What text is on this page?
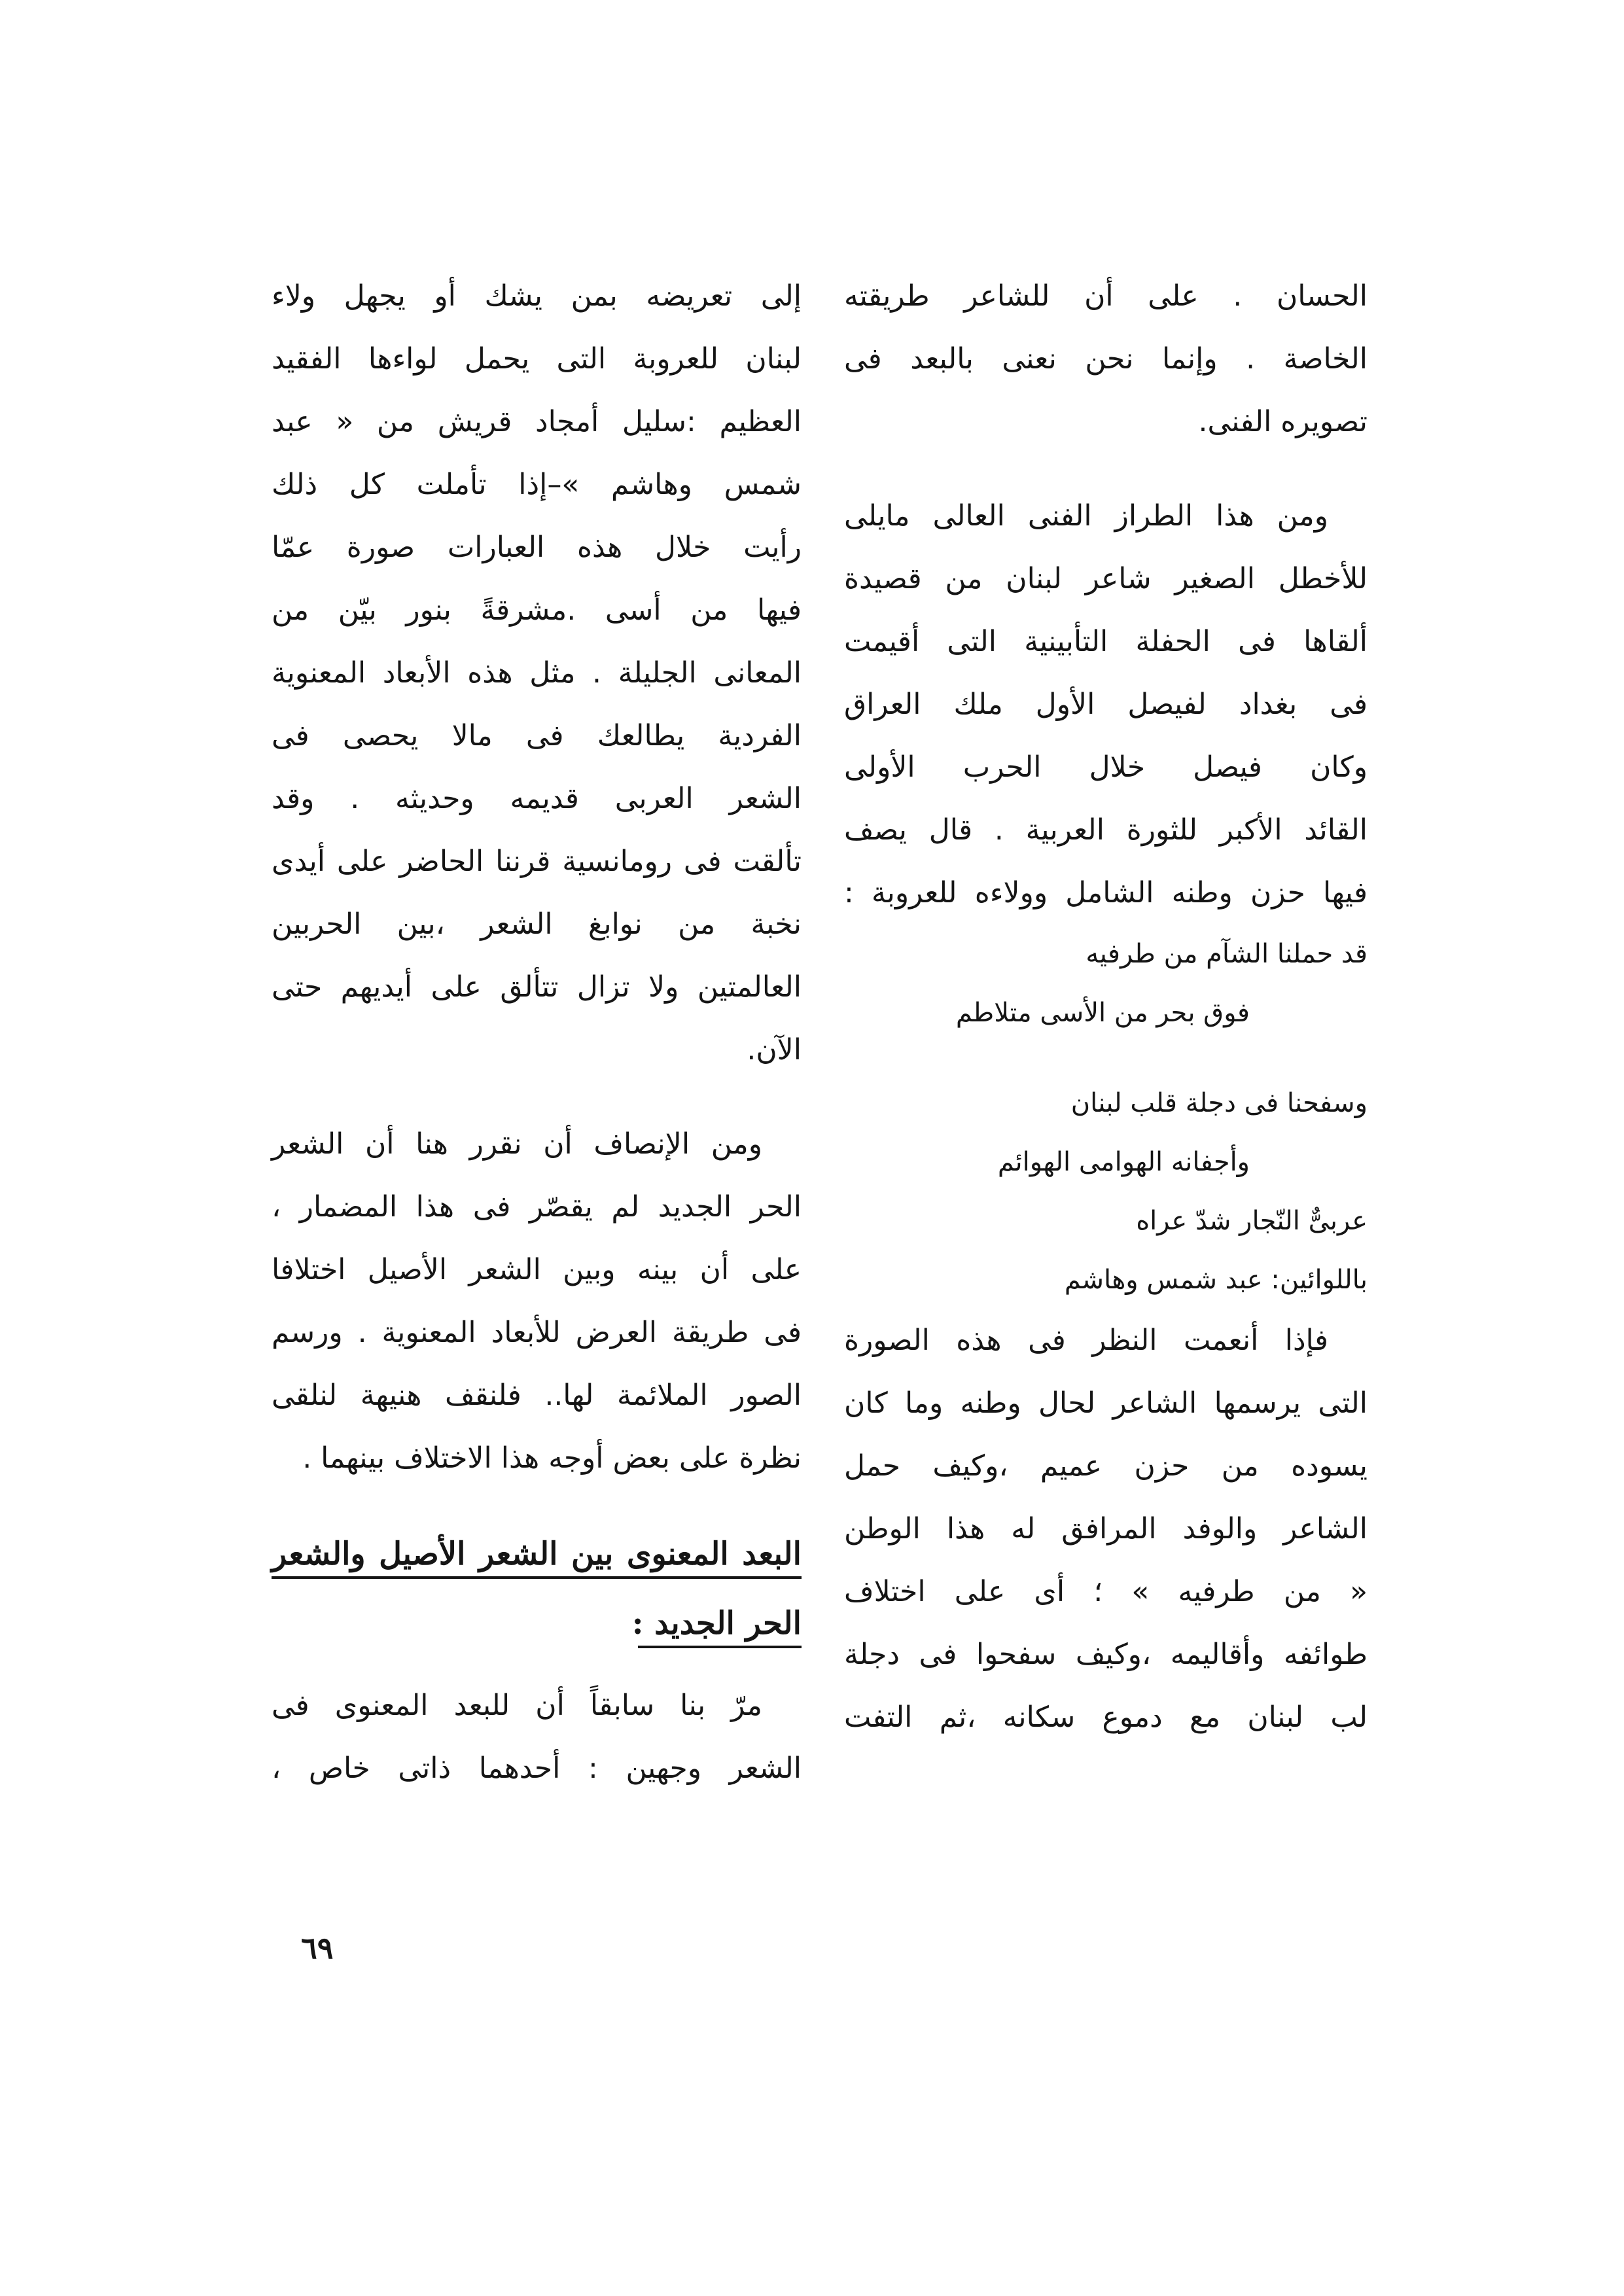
الحسان . على أن للشاعر طريقته
الخاصة . وإنما نحن نعنى بالبعد فى
تصويره الفنى.
ومن هذا الطراز الفنى العالى مايلى
للأخطل الصغير شاعر لبنان من قصيدة
ألقاها فى الحفلة التأبينية التى أقيمت
فى بغداد لفيصل الأول ملك العراق
وكان فيصل خلال الحرب الأولى
القائد الأكبر للثورة العربية . قال يصف
فيها حزن وطنه الشامل وولاءه للعروبة :
قد حملنا الشآم من طرفيه
فوق بحر من الأسى متلاطم
وسفحنا فى دجلة قلب لبنان
وأجفانه الهوامى الهوائم
عربىٌّ النّجار شدّ عراه
باللوائين: عبد شمس وهاشم
فإذا أنعمت النظر فى هذه الصورة
التى يرسمها الشاعر لحال وطنه وما كان
يسوده من حزن عميم ،وكيف حمل
الشاعر والوفد المرافق له هذا الوطن
« من طرفيه » ؛ أى على اختلاف
طوائفه وأقاليمه ،وكيف سفحوا فى دجلة
لب لبنان مع دموع سكانه ،ثم التفت
إلى تعريضه بمن يشك أو يجهل ولاء
لبنان للعروبة التى يحمل لواءها الفقيد
العظيم :سليل أمجاد قريش من « عبد
شمس وهاشم »–إذا تأملت كل ذلك
رأيت خلال هذه العبارات صورة عمّا
فيها من أسى .مشرقةً بنور بيّن من
المعانى الجليلة . مثل هذه الأبعاد المعنوية
الفردية يطالعك فى مالا يحصى فى
الشعر العربى قديمه وحديثه . وقد
تألقت فى رومانسية قرننا الحاضر على أيدى
نخبة من نوابغ الشعر ،بين الحربين
العالمتين ولا تزال تتألق على أيديهم حتى
الآن.
ومن الإنصاف أن نقرر هنا أن الشعر
الحر الجديد لم يقصّر فى هذا المضمار ،
على أن بينه وبين الشعر الأصيل اختلافا
فى طريقة العرض للأبعاد المعنوية . ورسم
الصور الملائمة لها.. فلنقف هنيهة لنلقى
نظرة على بعض أوجه هذا الاختلاف بينهما .
البعد المعنوى بين الشعر الأصيل والشعر
الحر الجديد :
مرّ بنا سابقاً أن للبعد المعنوى فى
الشعر وجهين : أحدهما ذاتى خاص ،
٦٩
